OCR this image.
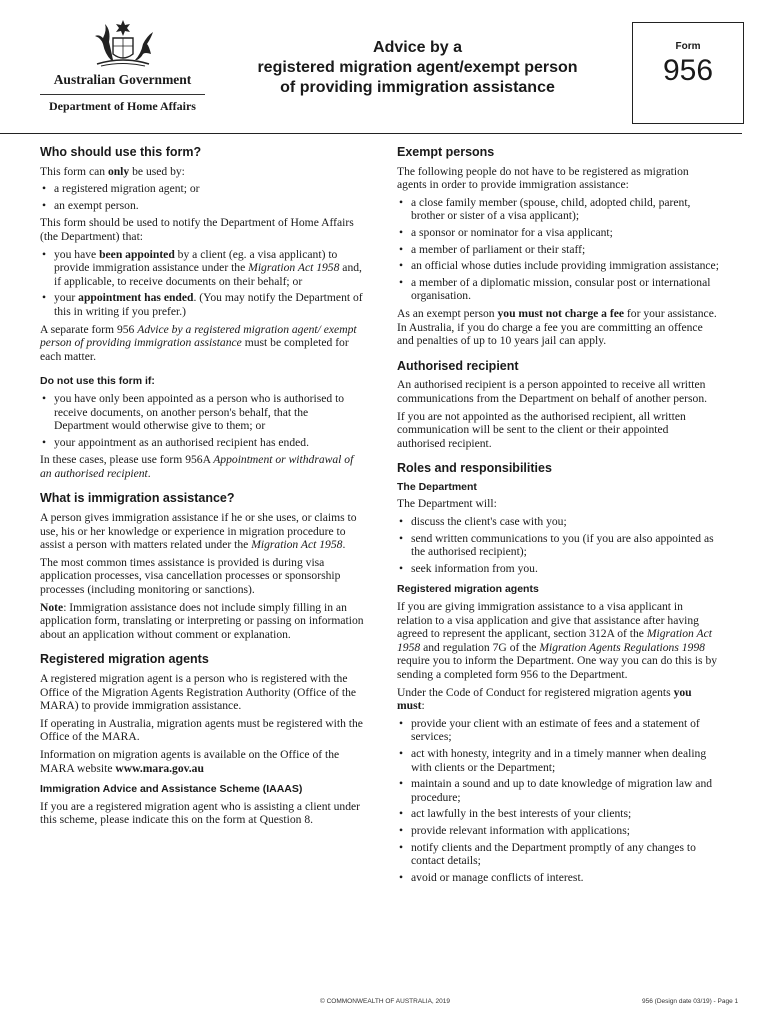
Australian Government
Department of Home Affairs
Advice by a
registered migration agent/exempt person
of providing immigration assistance
Form
956
Who should use this form?

This form can only be used by:

• a registered migration agent; or
• an exempt person.

This form should be used to notify the Department of Home Affairs (the Department) that:

• you have been appointed by a client (eg. a visa applicant) to provide immigration assistance under the Migration Act 1958 and, if applicable, to receive documents on their behalf; or
• your appointment has ended. (You may notify the Department of this in writing if you prefer.)

A separate form 956 Advice by a registered migration agent/ exempt person of providing immigration assistance must be completed for each matter.

Do not use this form if:
• you have only been appointed as a person who is authorised to receive documents, on another person's behalf, that the Department would otherwise give to them; or
• your appointment as an authorised recipient has ended.

In these cases, please use form 956A Appointment or withdrawal of an authorised recipient.

What is immigration assistance?

A person gives immigration assistance if he or she uses, or claims to use, his or her knowledge or experience in migration procedure to assist a person with matters related under the Migration Act 1958.

The most common times assistance is provided is during visa application processes, visa cancellation processes or sponsorship processes (including monitoring or sanctions).

Note: Immigration assistance does not include simply filling in an application form, translating or interpreting or passing on information about an application without comment or explanation.

Registered migration agents

A registered migration agent is a person who is registered with the Office of the Migration Agents Registration Authority (Office of the MARA) to provide immigration assistance.

If operating in Australia, migration agents must be registered with the Office of the MARA.

Information on migration agents is available on the Office of the MARA website www.mara.gov.au

Immigration Advice and Assistance Scheme (IAAAS)

If you are a registered migration agent who is assisting a client under this scheme, please indicate this on the form at Question 8.

Exempt persons

The following people do not have to be registered as migration agents in order to provide immigration assistance:

• a close family member (spouse, child, adopted child, parent, brother or sister of a visa applicant);
• a sponsor or nominator for a visa applicant;
• a member of parliament or their staff;
• an official whose duties include providing immigration assistance;
• a member of a diplomatic mission, consular post or international organisation.

As an exempt person you must not charge a fee for your assistance. In Australia, if you do charge a fee you are committing an offence and penalties of up to 10 years jail can apply.

Authorised recipient

An authorised recipient is a person appointed to receive all written communications from the Department on behalf of another person.

If you are not appointed as the authorised recipient, all written communication will be sent to the client or their appointed authorised recipient.

Roles and responsibilities
The Department

The Department will:

• discuss the client's case with you;
• send written communications to you (if you are also appointed as the authorised recipient);
• seek information from you.
Registered migration agents

If you are giving immigration assistance to a visa applicant in relation to a visa application and give that assistance after having agreed to represent the applicant, section 312A of the Migration Act 1958 and regulation 7G of the Migration Agents Regulations 1998 require you to inform the Department. One way you can do this is by sending a completed form 956 to the Department.

Under the Code of Conduct for registered migration agents you must:

• provide your client with an estimate of fees and a statement of services;
• act with honesty, integrity and in a timely manner when dealing with clients or the Department;
• maintain a sound and up to date knowledge of migration law and procedure;
• act lawfully in the best interests of your clients;
• provide relevant information with applications;
• notify clients and the Department promptly of any changes to contact details;
• avoid or manage conflicts of interest.
© COMMONWEALTH OF AUSTRALIA, 2019	956 (Design date 03/19) - Page 1
